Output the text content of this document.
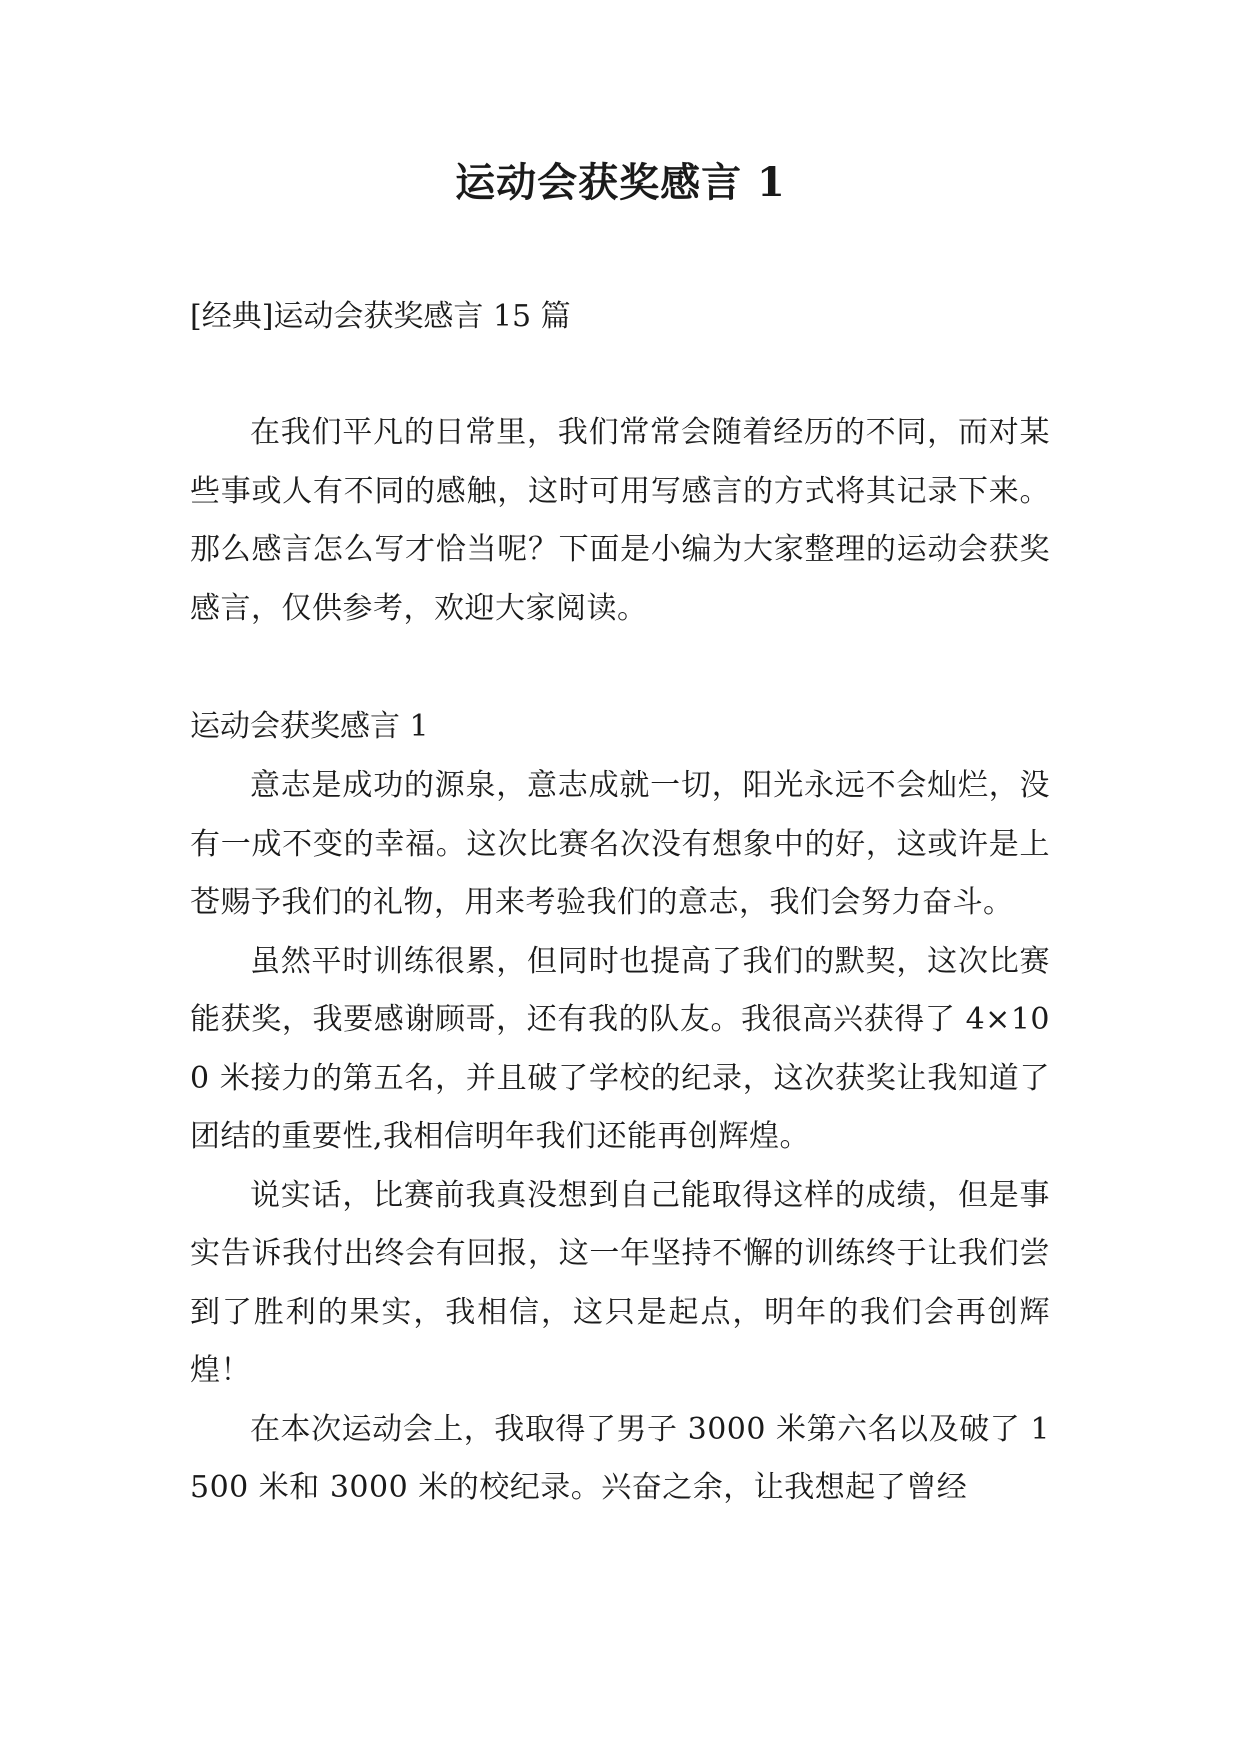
运动会获奖感言 1

[经典]运动会获奖感言 15 篇

在我们平凡的日常里，我们常常会随着经历的不同，而对某些事或人有不同的感触，这时可用写感言的方式将其记录下来。那么感言怎么写才恰当呢？下面是小编为大家整理的运动会获奖感言，仅供参考，欢迎大家阅读。

运动会获奖感言 1

意志是成功的源泉，意志成就一切，阳光永远不会灿烂，没有一成不变的幸福。这次比赛名次没有想象中的好，这或许是上苍赐予我们的礼物，用来考验我们的意志，我们会努力奋斗。

虽然平时训练很累，但同时也提高了我们的默契，这次比赛能获奖，我要感谢顾哥，还有我的队友。我很高兴获得了 4×100 米接力的第五名，并且破了学校的纪录，这次获奖让我知道了团结的重要性,我相信明年我们还能再创辉煌。

说实话，比赛前我真没想到自己能取得这样的成绩，但是事实告诉我付出终会有回报，这一年坚持不懈的训练终于让我们尝到了胜利的果实，我相信，这只是起点，明年的我们会再创辉煌！

在本次运动会上，我取得了男子 3000 米第六名以及破了 1500 米和 3000 米的校纪录。兴奋之余，让我想起了曾经
